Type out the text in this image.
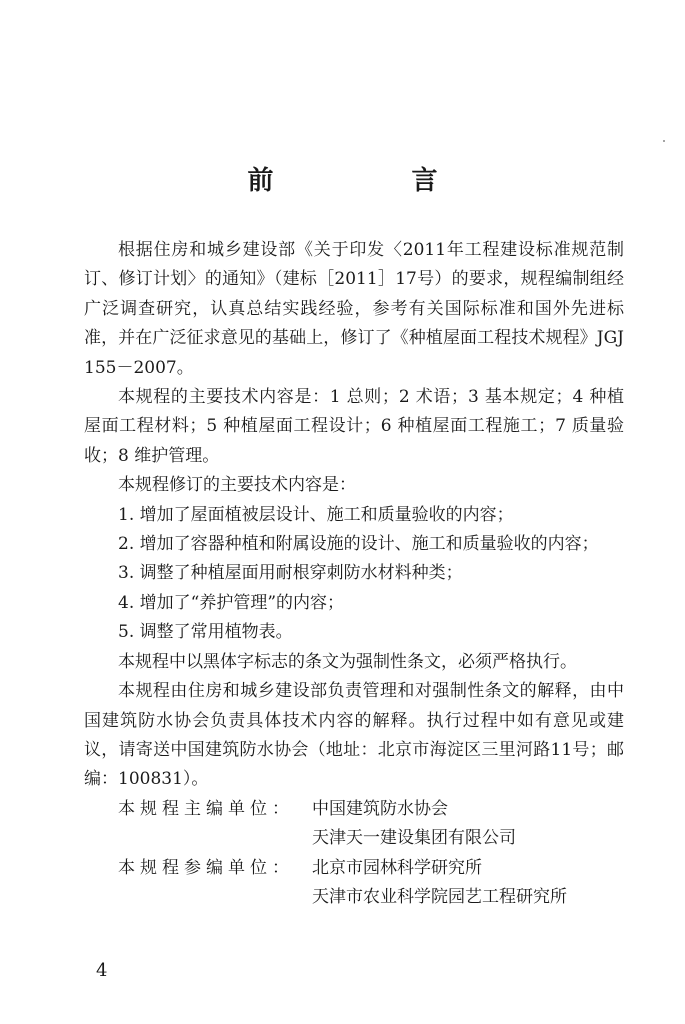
前　言

根据住房和城乡建设部《关于印发〈2011年工程建设标准规范制订、修订计划〉的通知》（建标［2011］17号）的要求，规程编制组经广泛调查研究，认真总结实践经验，参考有关国际标准和国外先进标准，并在广泛征求意见的基础上，修订了《种植屋面工程技术规程》JGJ 155－2007。

本规程的主要技术内容是：1 总则；2 术语；3 基本规定；4 种植屋面工程材料；5 种植屋面工程设计；6 种植屋面工程施工；7 质量验收；8 维护管理。

本规程修订的主要技术内容是：

1. 增加了屋面植被层设计、施工和质量验收的内容；

2. 增加了容器种植和附属设施的设计、施工和质量验收的内容；

3. 调整了种植屋面用耐根穿刺防水材料种类；

4. 增加了“养护管理”的内容；

5. 调整了常用植物表。

本规程中以黑体字标志的条文为强制性条文，必须严格执行。

本规程由住房和城乡建设部负责管理和对强制性条文的解释，由中国建筑防水协会负责具体技术内容的解释。执行过程中如有意见或建议，请寄送中国建筑防水协会（地址：北京市海淀区三里河路11号；邮编：100831）。

本规程主编单位：	中国建筑防水协会
天津天一建设集团有限公司
本规程参编单位：	北京市园林科学研究所
天津市农业科学院园艺工程研究所
4
